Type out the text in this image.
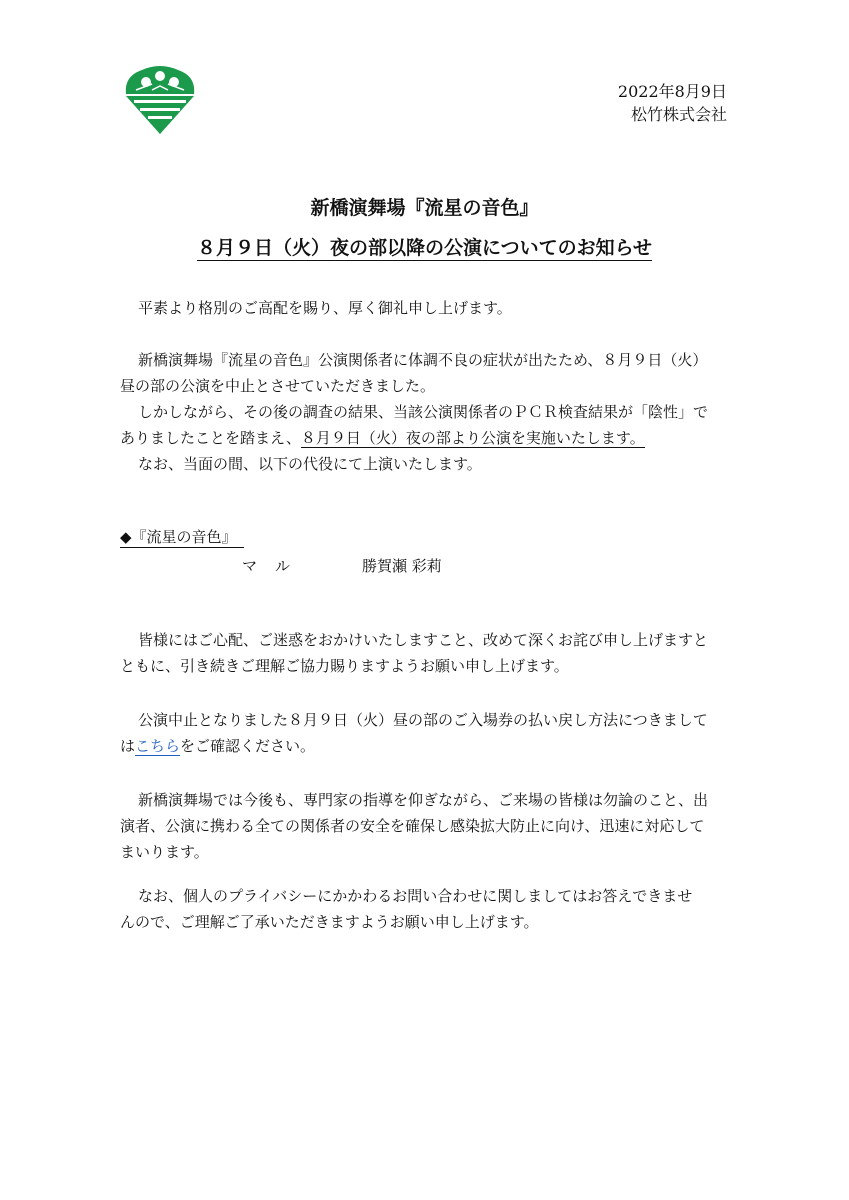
2022年8月9日
松竹株式会社
新橋演舞場『流星の音色』
８月９日（火）夜の部以降の公演についてのお知らせ

平素より格別のご高配を賜り、厚く御礼申し上げます。

新橋演舞場『流星の音色』公演関係者に体調不良の症状が出たため、８月９日（火）
昼の部の公演を中止とさせていただきました。
しかしながら、その後の調査の結果、当該公演関係者のＰＣＲ検査結果が「陰性」で
ありましたことを踏まえ、８月９日（火）夜の部より公演を実施いたします。
なお、当面の間、以下の代役にて上演いたします。

◆『流星の音色』
マル	勝賀瀬 彩莉

皆様にはご心配、ご迷惑をおかけいたしますこと、改めて深くお詫び申し上げますと
ともに、引き続きご理解ご協力賜りますようお願い申し上げます。

公演中止となりました８月９日（火）昼の部のご入場券の払い戻し方法につきまして
はこちらをご確認ください。

新橋演舞場では今後も、専門家の指導を仰ぎながら、ご来場の皆様は勿論のこと、出
演者、公演に携わる全ての関係者の安全を確保し感染拡大防止に向け、迅速に対応して
まいります。

なお、個人のプライバシーにかかわるお問い合わせに関しましてはお答えできませ
んので、ご理解ご了承いただきますようお願い申し上げます。
